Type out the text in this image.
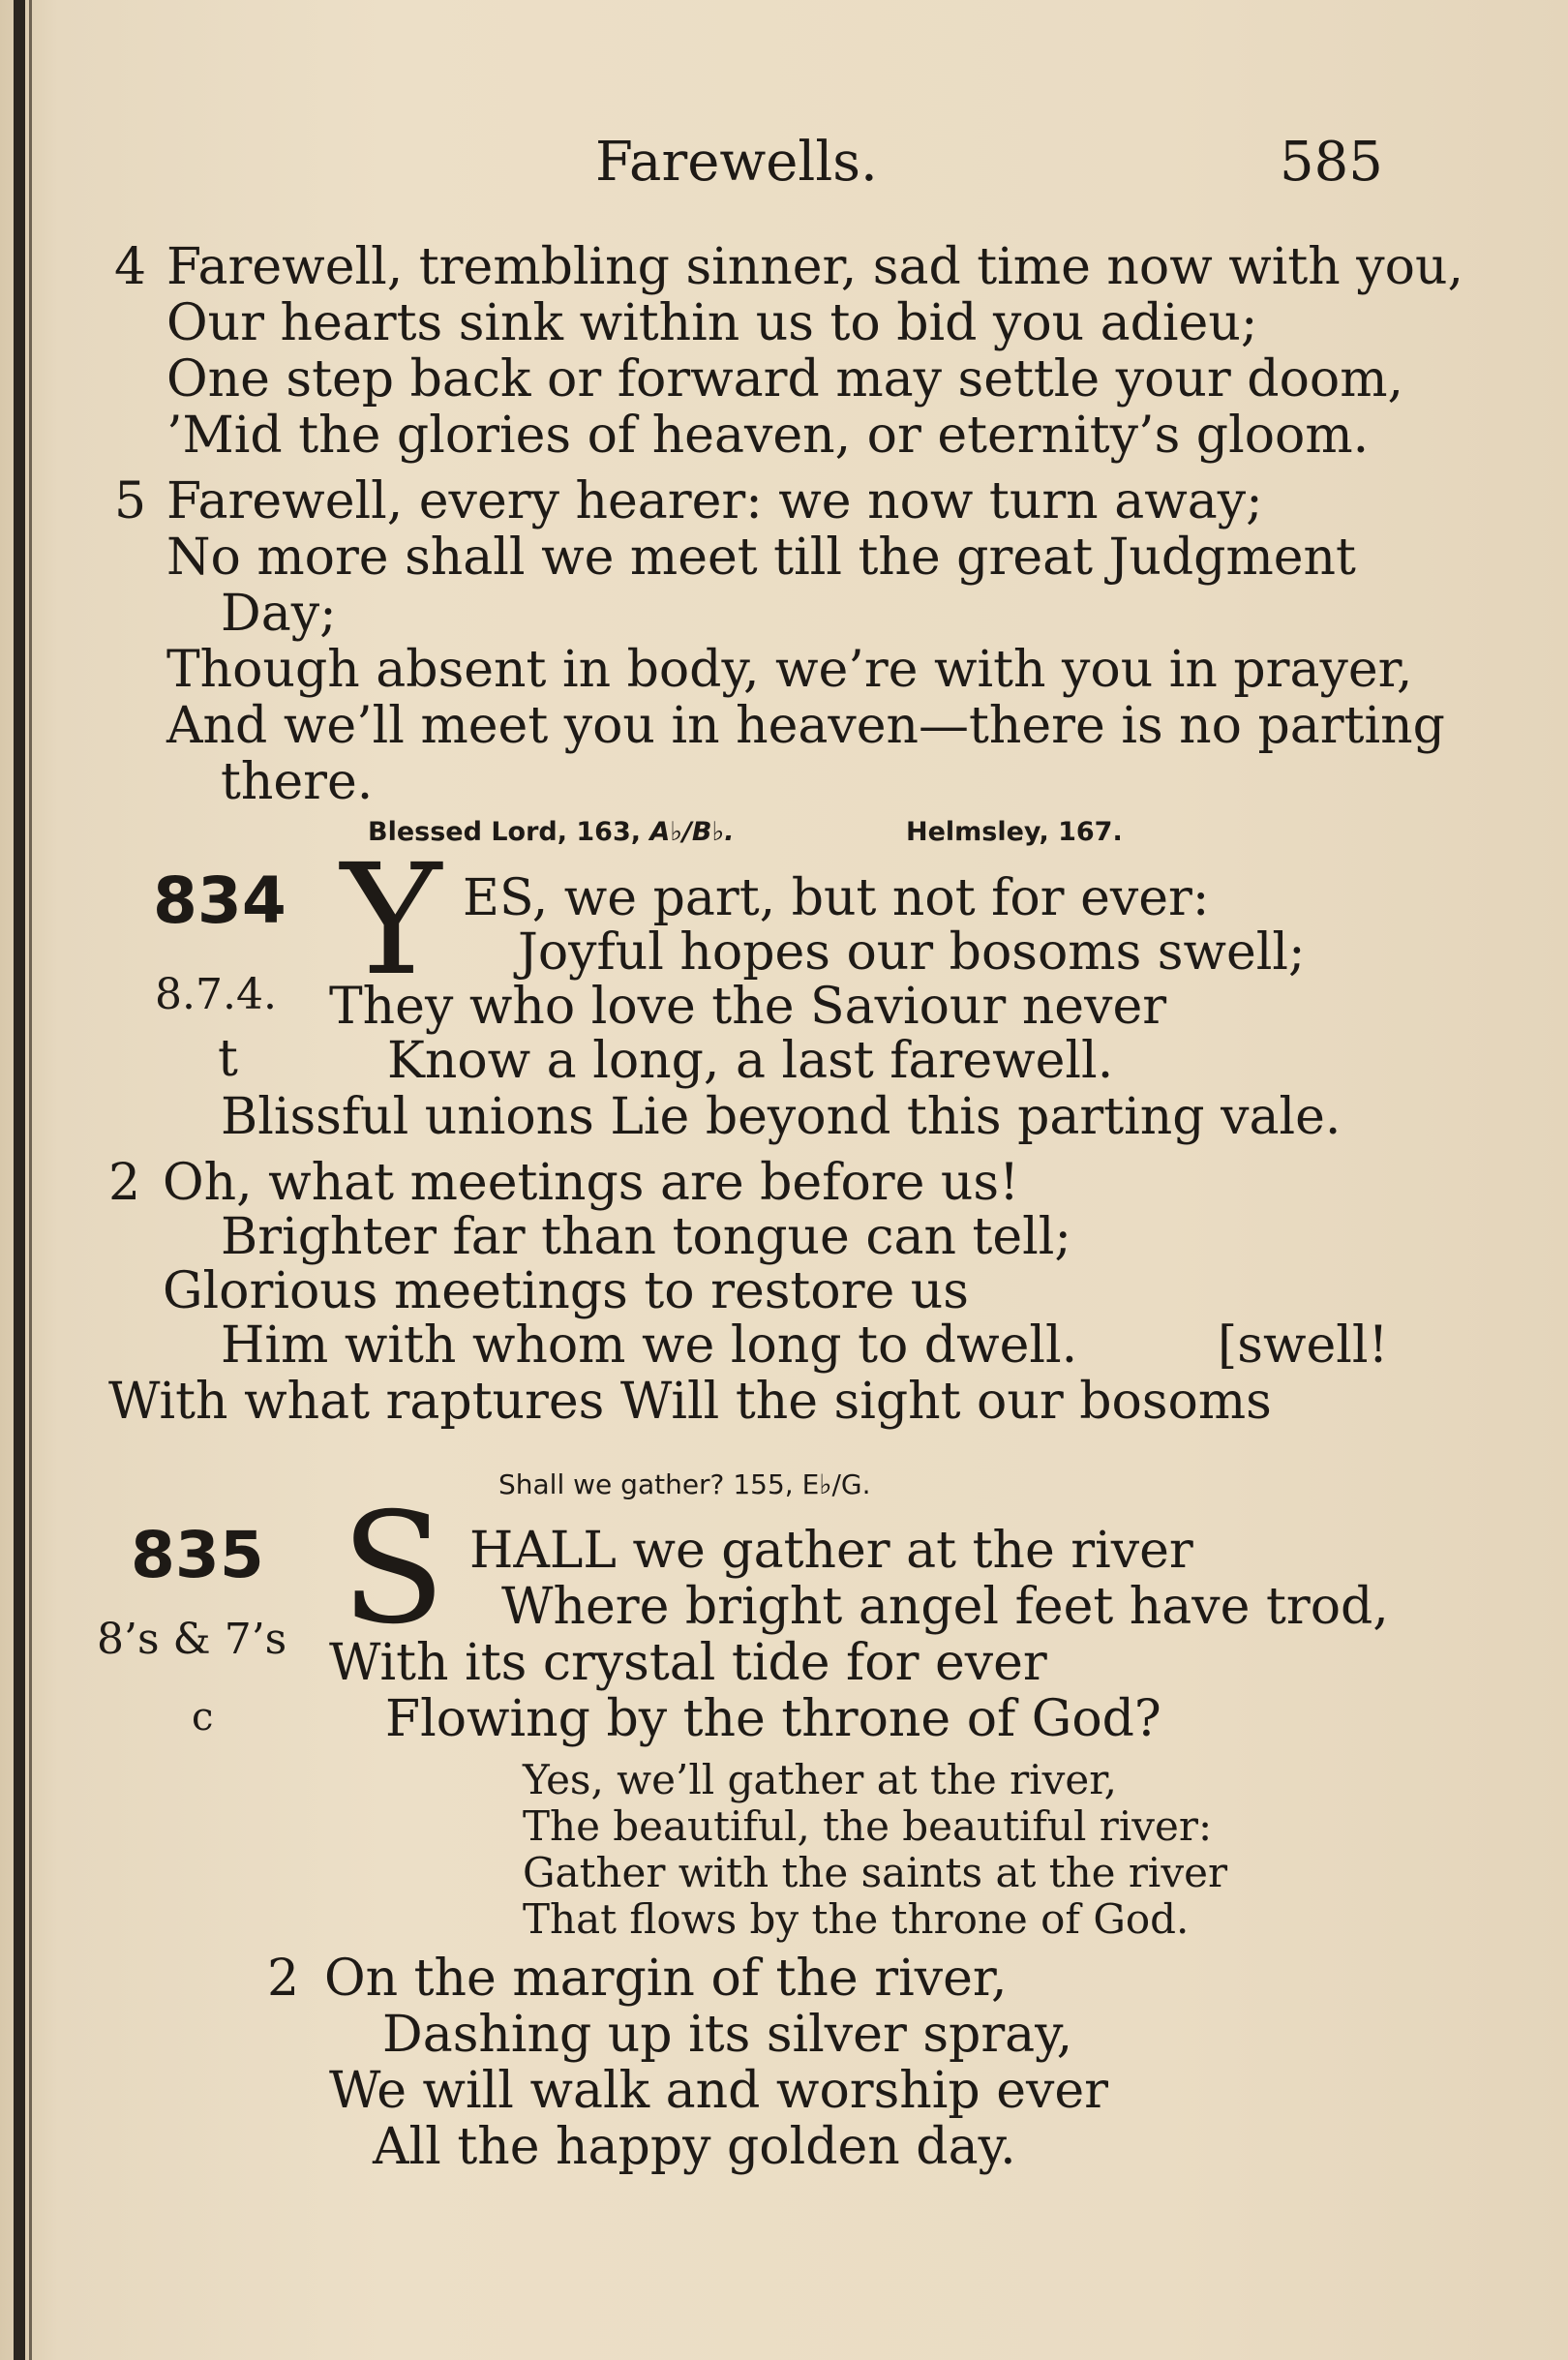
Farewells.	585
4 Farewell, trembling sinner, sad time now with you,
Our hearts sink within us to bid you adieu;
One step back or forward may settle your doom,
’Mid the glories of heaven, or eternity’s gloom.
5 Farewell, every hearer: we now turn away;
No more shall we meet till the great Judgment
Day;
Though absent in body, we’re with you in prayer,
And we’ll meet you in heaven—there is no parting
there.
Blessed Lord, 163, A♭/B♭.	Helmsley, 167.
834
8.7.4.
t
Y ES, we part, but not for ever:
Joyful hopes our bosoms swell;
They who love the Saviour never
Know a long, a last farewell.
Blissful unions Lie beyond this parting vale.
2 Oh, what meetings are before us!
Brighter far than tongue can tell;
Glorious meetings to restore us
Him with whom we long to dwell.	[swell!
With what raptures Will the sight our bosoms
Shall we gather? 155, E♭/G.
835
8’s & 7’s
c
S HALL we gather at the river
Where bright angel feet have trod,
With its crystal tide for ever
Flowing by the throne of God?
Yes, we’ll gather at the river,
The beautiful, the beautiful river:
Gather with the saints at the river
That flows by the throne of God.
2 On the margin of the river,
Dashing up its silver spray,
We will walk and worship ever
All the happy golden day.
